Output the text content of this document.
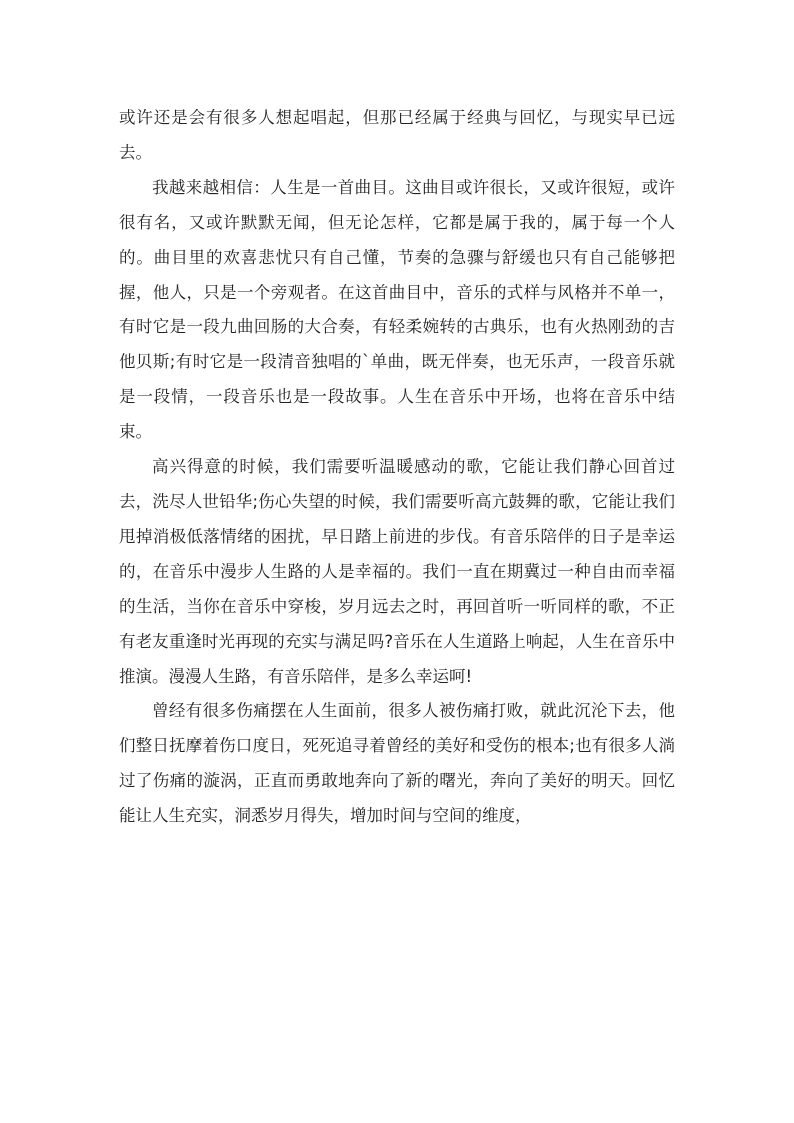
或许还是会有很多人想起唱起，但那已经属于经典与回忆，与现实早已远去。

我越来越相信：人生是一首曲目。这曲目或许很长，又或许很短，或许很有名，又或许默默无闻，但无论怎样，它都是属于我的，属于每一个人的。曲目里的欢喜悲忧只有自己懂，节奏的急骤与舒缓也只有自己能够把握，他人，只是一个旁观者。在这首曲目中，音乐的式样与风格并不单一，有时它是一段九曲回肠的大合奏，有轻柔婉转的古典乐，也有火热刚劲的吉他贝斯;有时它是一段清音独唱的`单曲，既无伴奏，也无乐声，一段音乐就是一段情，一段音乐也是一段故事。人生在音乐中开场，也将在音乐中结束。

高兴得意的时候，我们需要听温暖感动的歌，它能让我们静心回首过去，洗尽人世铅华;伤心失望的时候，我们需要听高亢鼓舞的歌，它能让我们甩掉消极低落情绪的困扰，早日踏上前进的步伐。有音乐陪伴的日子是幸运的，在音乐中漫步人生路的人是幸福的。我们一直在期冀过一种自由而幸福的生活，当你在音乐中穿梭，岁月远去之时，再回首听一听同样的歌，不正有老友重逢时光再现的充实与满足吗?音乐在人生道路上响起，人生在音乐中推演。漫漫人生路，有音乐陪伴，是多么幸运呵!

曾经有很多伤痛摆在人生面前，很多人被伤痛打败，就此沉沦下去，他们整日抚摩着伤口度日，死死追寻着曾经的美好和受伤的根本;也有很多人淌过了伤痛的漩涡，正直而勇敢地奔向了新的曙光，奔向了美好的明天。回忆能让人生充实，洞悉岁月得失，增加时间与空间的维度，
